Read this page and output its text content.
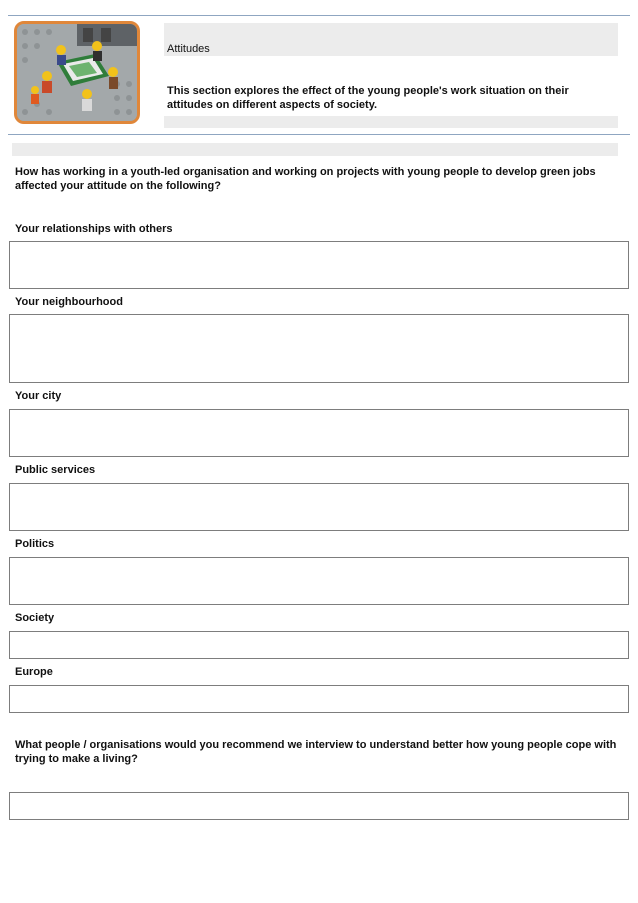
Attitudes
This section explores the effect of the young people's work situation on their attitudes on different aspects of society.
How has working in a youth-led organisation and working on projects with young people to develop green jobs affected your attitude on the following?
Your relationships with others
Your neighbourhood
Your city
Public services
Politics
Society
Europe
What people / organisations would you recommend we interview to understand better how young people cope with trying to make a living?
